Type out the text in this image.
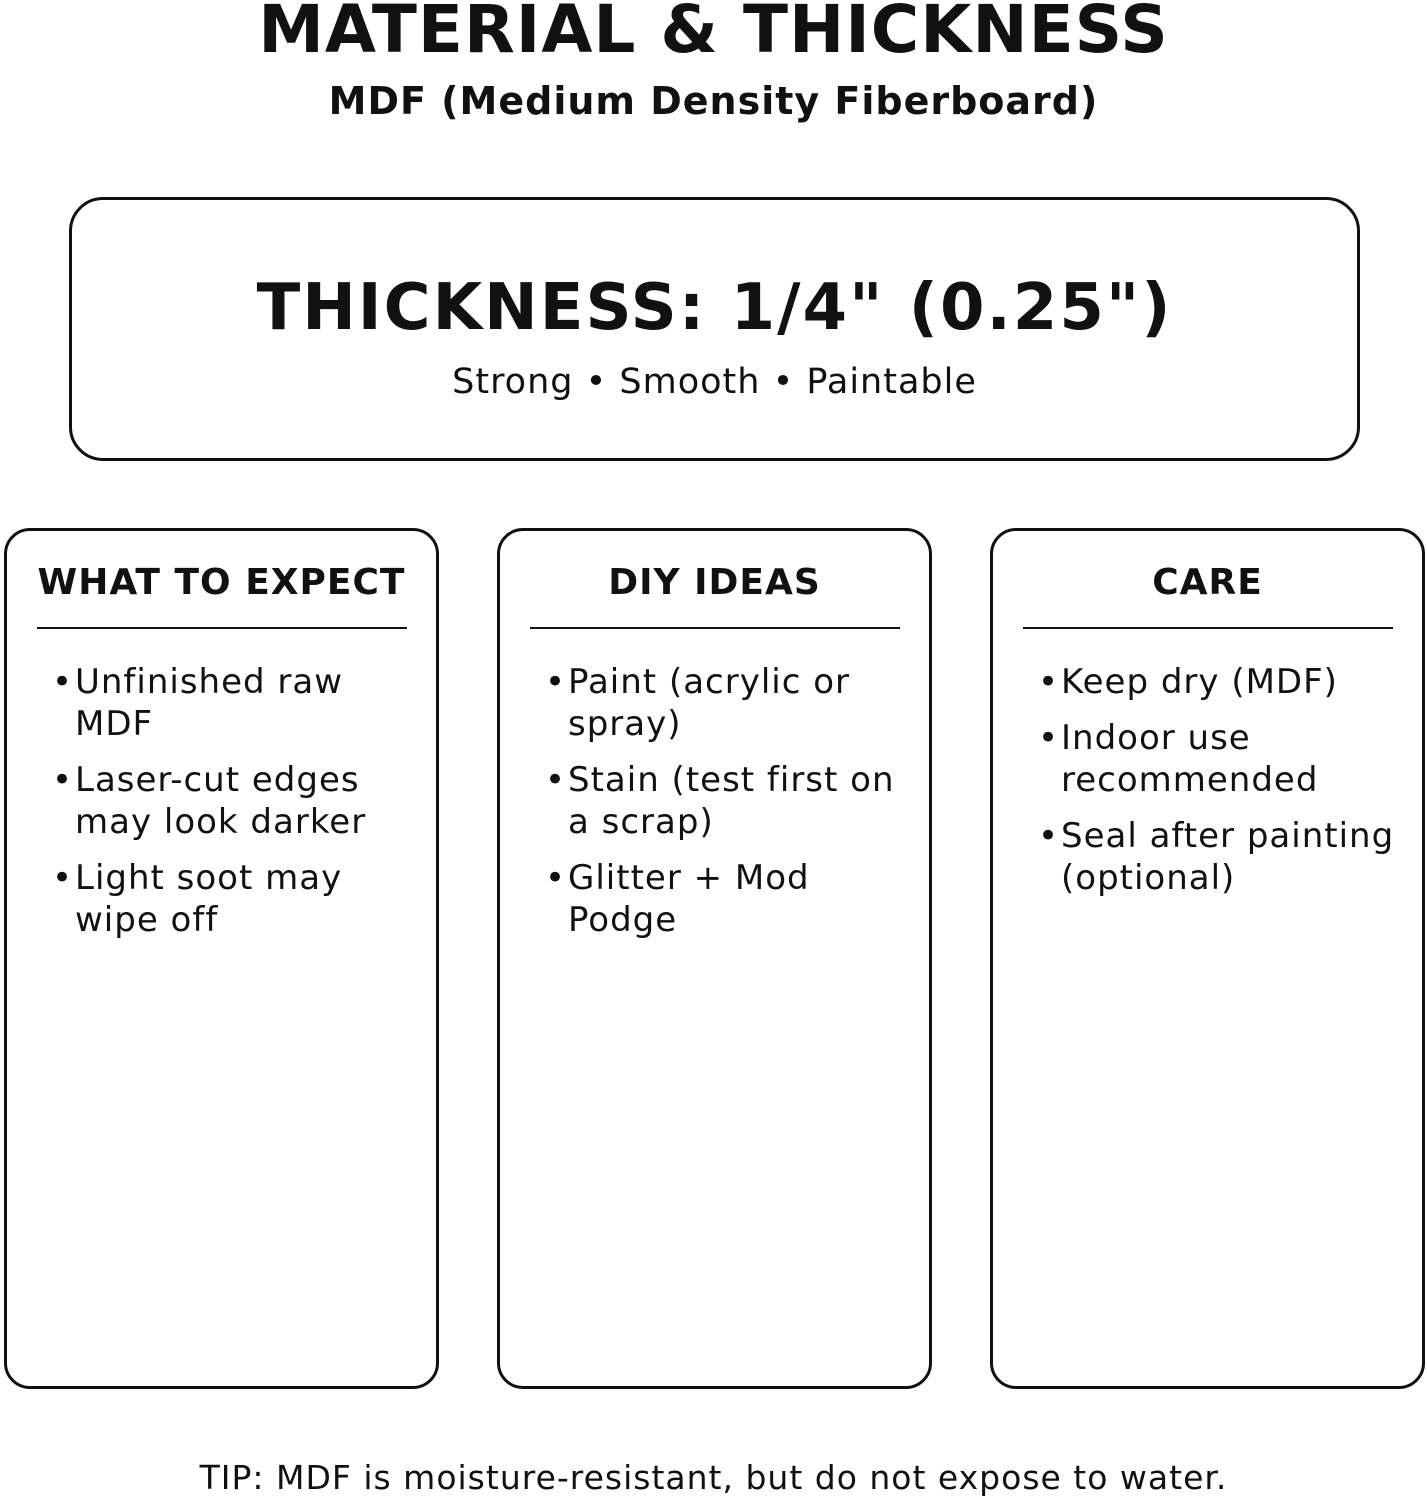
MATERIAL & THICKNESS
MDF (Medium Density Fiberboard)
THICKNESS: 1/4" (0.25")
Strong • Smooth • Paintable
WHAT TO EXPECT
• Unfinished raw MDF
• Laser-cut edges may look darker
• Light soot may wipe off
DIY IDEAS
• Paint (acrylic or spray)
• Stain (test first on a scrap)
• Glitter + Mod Podge
CARE
• Keep dry (MDF)
• Indoor use recommended
• Seal after painting (optional)
TIP: MDF is moisture-resistant, but do not expose to water.
